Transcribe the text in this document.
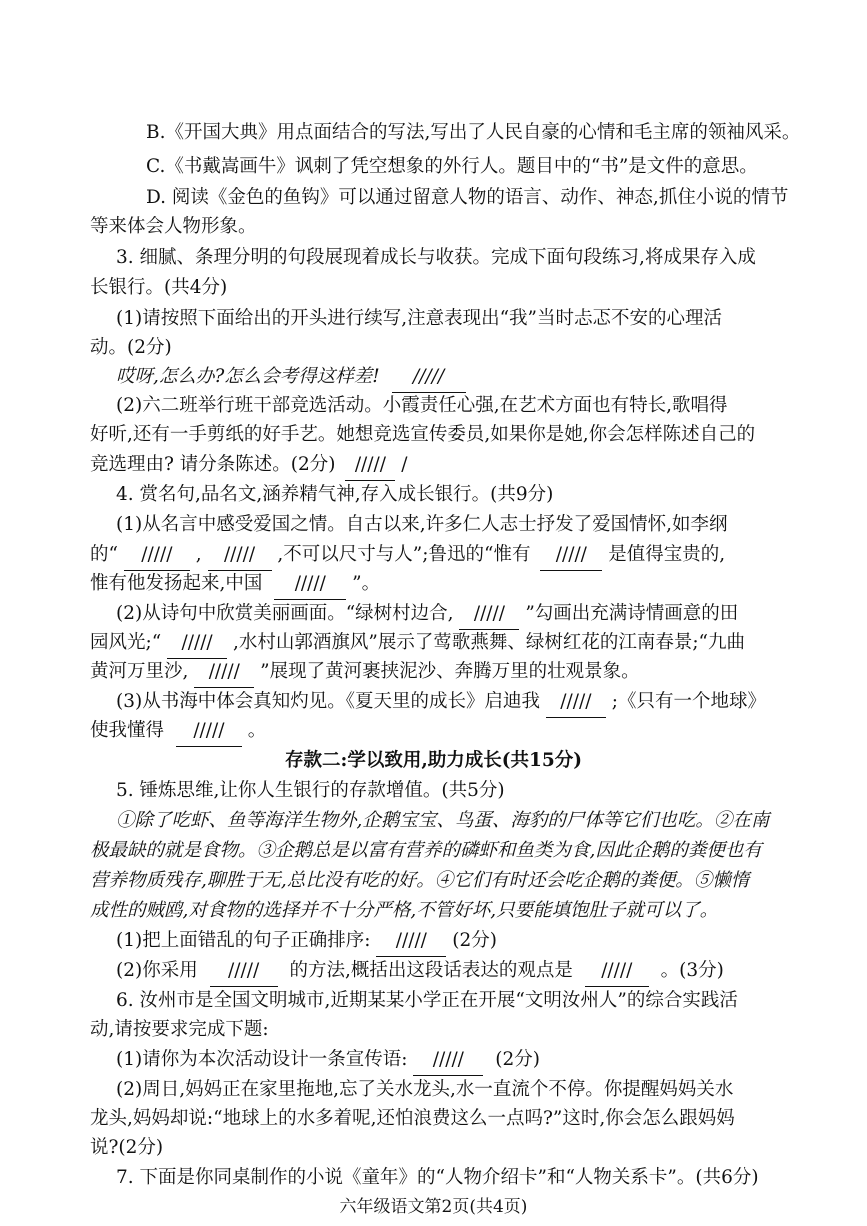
B.《开国大典》用点面结合的写法,写出了人民自豪的心情和毛主席的领袖风采。
C.《书戴嵩画牛》讽刺了凭空想象的外行人。题目中的“书”是文件的意思。
D. 阅读《金色的鱼钩》可以通过留意人物的语言、动作、神态,抓住小说的情节
等来体会人物形象。
3. 细腻、条理分明的句段展现着成长与收获。完成下面句段练习,将成果存入成
长银行。(共4分)
(1)请按照下面给出的开头进行续写,注意表现出“我”当时忐忑不安的心理活
动。(2分)
哎呀,怎么办?怎么会考得这样差! /////
(2)六二班举行班干部竞选活动。小霞责任心强,在艺术方面也有特长,歌唱得
好听,还有一手剪纸的好手艺。她想竞选宣传委员,如果你是她,你会怎样陈述自己的
竞选理由? 请分条陈述。(2分) ///// /
4. 赏名句,品名文,涵养精气神,存入成长银行。(共9分)
(1)从名言中感受爱国之情。自古以来,许多仁人志士抒发了爱国情怀,如李纲
的“ ///// , ///// ,不可以尺寸与人”;鲁迅的“惟有 ///// 是值得宝贵的,
惟有他发扬起来,中国 ///// ”。
(2)从诗句中欣赏美丽画面。“绿树村边合, ///// ”勾画出充满诗情画意的田
园风光;“ ///// ,水村山郭酒旗风”展示了莺歌燕舞、绿树红花的江南春景;“九曲
黄河万里沙, ///// ”展现了黄河裹挟泥沙、奔腾万里的壮观景象。
(3)从书海中体会真知灼见。《夏天里的成长》启迪我 ///// ;《只有一个地球》
使我懂得 ///// 。
存款二:学以致用,助力成长(共15分)
5. 锤炼思维,让你人生银行的存款增值。(共5分)
①除了吃虾、鱼等海洋生物外,企鹅宝宝、鸟蛋、海豹的尸体等它们也吃。②在南
极最缺的就是食物。③企鹅总是以富有营养的磷虾和鱼类为食,因此企鹅的粪便也有
营养物质残存,聊胜于无,总比没有吃的好。④它们有时还会吃企鹅的粪便。⑤懒惰
成性的贼鸥,对食物的选择并不十分严格,不管好坏,只要能填饱肚子就可以了。
(1)把上面错乱的句子正确排序: ///// (2分)
(2)你采用 ///// 的方法,概括出这段话表达的观点是 ///// 。(3分)
6. 汝州市是全国文明城市,近期某某小学正在开展“文明汝州人”的综合实践活
动,请按要求完成下题:
(1)请你为本次活动设计一条宣传语: ///// (2分)
(2)周日,妈妈正在家里拖地,忘了关水龙头,水一直流个不停。你提醒妈妈关水
龙头,妈妈却说:“地球上的水多着呢,还怕浪费这么一点吗?”这时,你会怎么跟妈妈
说?(2分)
7. 下面是你同桌制作的小说《童年》的“人物介绍卡”和“人物关系卡”。(共6分)
六年级语文第2页(共4页)
